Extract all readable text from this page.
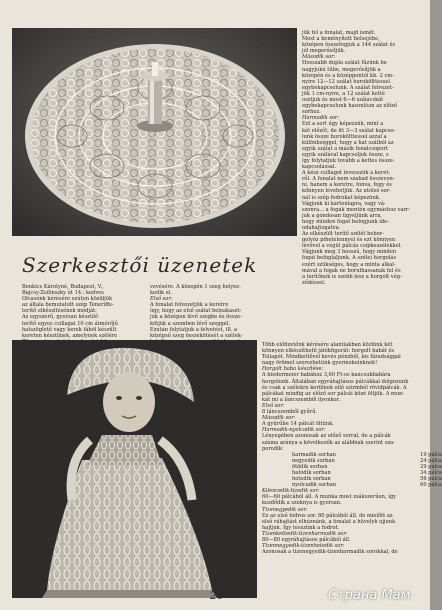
jük fel a fonalat, majd ismét.

Most a keményített belsejébe,

középen összefogjuk a 144 szálat és

jól megerősítjük.

Második sor:

Hosszabb dupla szálat fűzünk be

nagyjukú tűbe, megerősítjük a

közepén és a középpontól kb. 2 cm-

nyire 12—12 szálat hurokölttessel

egybekapcsolunk. A szálat felvezet-

jük 1 cm-nyire, a 12 szálat ketté

osztjuk és most 6—6 szálacskát

egybekapcsolunk hasonlóan az előző

sorhoz.

Harmadik sor:

Ezt a sort úgy képezzük, mint a

két előzőt, de itt 3—3 szálat kapcso-

lunk össze hurokölttessel azzal a

különbséggel, hogy a hat szálból az

egyik szálat a másik fonalcsoport

egyik szálával kapcsoljuk össze, s

így folytatjuk tovább a kettes össze-

kapcsolással.

A kész csillagot levesszük a keret-

ről. A fonalat nem szabad összevon-

ni, hanem a keretre, fonva, fogy és

könnyen levehetjük. Az utolsó sor-

nál is szép fodrokat képezünk.

Vágjunk ki kartonlapra, vagy vá-

szonra... a fogak mentén egymáshoz varr-

juk a gondosan ügyeljünk arra,

hogy minden fogat befogjunk ide-

odahajtogatva.

Az elkészült terítő szélét bebor-

golyóz pihetelennyel és ezt könnyen

lévővel a végül pálcás csipkeszélekkel.

Vágjunk meg 3 hosszú, hogy minden

fogat befoglaljunk. A szélei horgolás

ezért szükséges, hogy a minta alkal-

mával a fogak ne borulhassanak fel és

a terítőnek is szebb lesz a horgolt vég-

ződéssel.

Szerkesztői üzenetek

Benkics Károlyné, Budapest, V.,

Bajcsy-Zsilinszky út 14.: kedves

Olvasónk kérésére ezúton közöljük

az általa bemutatott szép Teneriffe-

terítő elkészítésének módját:

Az egyszerű, gyorsan készülő

terítő egyes csillagai 10 cm átmérőjű

hatszögletű vagy kerek fából készült

kereten készülnek, amelynek szélére

72 szeget verünk be a fonalat fel-

vevésére. A közepén 1 szeg helyez-

kedik el.

Első sor:

A fonalat felvezetjük a keretre

úgy, hogy az első szálat beleakaszt-

juk a középen lévő szegbe és össze-

kötjük a szemben lévő szeggel.

Ezután folytatjuk a felvetést, ill. a

középső szeg összekötését a szélek-

kel. Egyszer jobbra, majd balra vet-

Több előfizetőnk kérésére alantiakban közlünk két

könnyen elkészíthető játékfigurát: horgolt babát és

Teliapót. Mindkettővel kevés pénzből, kis fáradsággal

nagy örömet szerezhetünk gyermekeinknek!

Horgolt baba készítése:

A biedermeier babához 3,60 Ft-os kaucsukbabára

horgolunk. Általában egyráhajtásos pálcákkal dolgozunk

és csak a szélekre kerülnek olló szirmból rövidpálcák. A

pálcákat mindig az előző sor pálcái közé öltjük. A mun-

kát mi a láncszemből ilyenkor.

Első sor:

8 láncszemből gyűrű.

Második sor:

A gyűrűbe 14 pálcát öltünk.

Harmadik-nyolcadik sor:

Lényegében azonosak az előző sorral, de a pálcák

száma aránya a következők az alábbiak szerint sza-

porodik:

harmadik sorban	19 pálca
negyedik sorban	24 pálca
ötödik sorban	29 pálca
hatodik sorban	34 pálca
hetedik sorban	56 pálca
nyolcadik sorban	60 pálca

Kilencedik-tizedik sor:

60—60 pálcából áll. A munka most zsákszerűen, így

kezdődik a szoknya is gyorsan.

Tizenegyedik sor:

Ez az első fodros sor. 80 pálcából áll, de mielőtt az

első ráhajtást elhúznánk, a fonalat a hüvelyk ujjunk

hajtjuk. Így tesszünk a fodrot.

Tizenkettedik-tizenharmadik sor:

80—80 egyráhajtásos pálcából áll.

Tizennegyedik-tizenhetedik sor:

Azonosak a tizenegyedik-tizenharmadik sorokkal, de

20	Страна Мам
